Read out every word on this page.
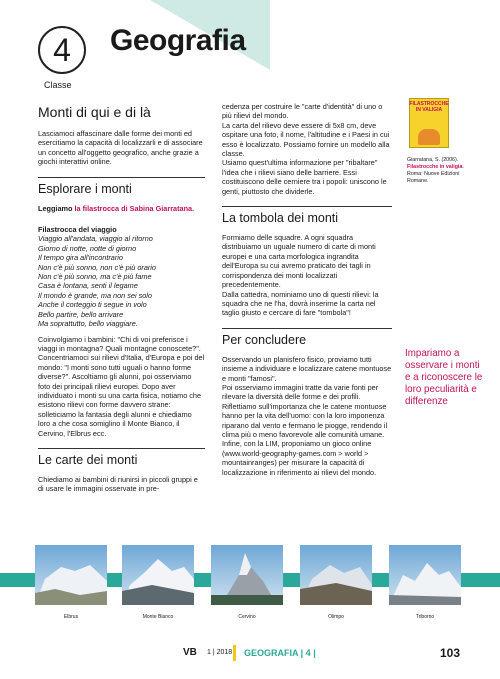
4
Classe
Geografia
Monti di qui e di là

Lasciamoci affascinare dalle forme dei monti ed esercitiamo la capacità di localizzarli e di associare un concetto all'oggetto geografico, anche grazie a giochi interattivi online.

Esplorare i monti

Leggiamo la filastrocca di Sabina Giarratana.

Filastrocca del viaggio

Viaggio all'andata, viaggio al ritorno
Giorno di notte, notte di giorno
Il tempo gira all'incontrario
Non c'è più sonno, non c'è più orario
Non c'è più sonno, ma c'è più fame
Casa è lontana, senti il legame
Il mondo è grande, ma non sei solo
Anche il corteggio ti segue in volo
Bello partire, bello arrivare
Ma soprattutto, bello viaggiare.

Coinvolgiamo i bambini: "Chi di voi preferisce i viaggi in montagna? Quali montagne conoscete?". Concentriamoci sui rilievi d'Italia, d'Europa e poi del mondo: "I monti sono tutti uguali o hanno forme diverse?". Ascoltiamo gli alunni, poi osserviamo foto dei principali rilievi europei. Dopo aver individuato i monti su una carta fisica, notiamo che esistono rilievi con forme davvero strane: solleticiamo la fantasia degli alunni e chiediamo loro a che cosa somiglino il Monte Bianco, il Cervino, l'Elbrus ecc.

Le carte dei monti

Chiediamo ai bambini di riunirsi in piccoli gruppi e di usare le immagini osservate in pre-

cedenza per costruire le "carte d'identità" di uno o più rilievi del mondo.

La carta del rilievo deve essere di 5x8 cm, deve ospitare una foto, il nome, l'altitudine e i Paesi in cui esso è localizzato. Possiamo fornire un modello alla classe.

Usiamo quest'ultima informazione per "ribaltare" l'idea che i rilievi siano delle barriere. Essi costituiscono delle cerniere tra i popoli: uniscono le genti, piuttosto che dividerle.

La tombola dei monti

Formiamo delle squadre. A ogni squadra distribuiamo un uguale numero di carte di monti europei e una carta morfologica ingrandita dell'Europa su cui avremo praticato dei tagli in corrispondenza dei monti localizzati precedentemente.

Dalla cattedra, nominiamo uno di questi rilievi: la squadra che ne l'ha, dovrà inserirne la carta nel taglio giusto e cercare di fare "tombola"!

Per concludere

Osservando un planisfero fisico, proviamo tutti insieme a individuare e localizzare catene montuose e monti "famosi".

Poi osserviamo immagini tratte da varie fonti per rilevare la diversità delle forme e dei profili. Riflettiamo sull'importanza che le catene montuose hanno per la vita dell'uomo: con la loro imponenza riparano dal vento e fermano le piogge, rendendo il clima più o meno favorevole alle comunità umane.

Infine, con la LIM, proponiamo un gioco online (www.world-geography-games.com > world > mountainranges) per misurare la capacità di localizzazione in riferimento ai rilievi del mondo.

FILASTROCCHE IN VALIGIA
Giarratana, S. (2006). Filastrocche in valigia. Roma: Nuove Edizioni Romane.
Impariamo a osservare i monti e a riconoscere le loro peculiarità e differenze
Elbrus	Monte Bianco	Cervino	Olimpo	Triborno
VB 1 | 2018 GEOGRAFIA | 4 |	103
